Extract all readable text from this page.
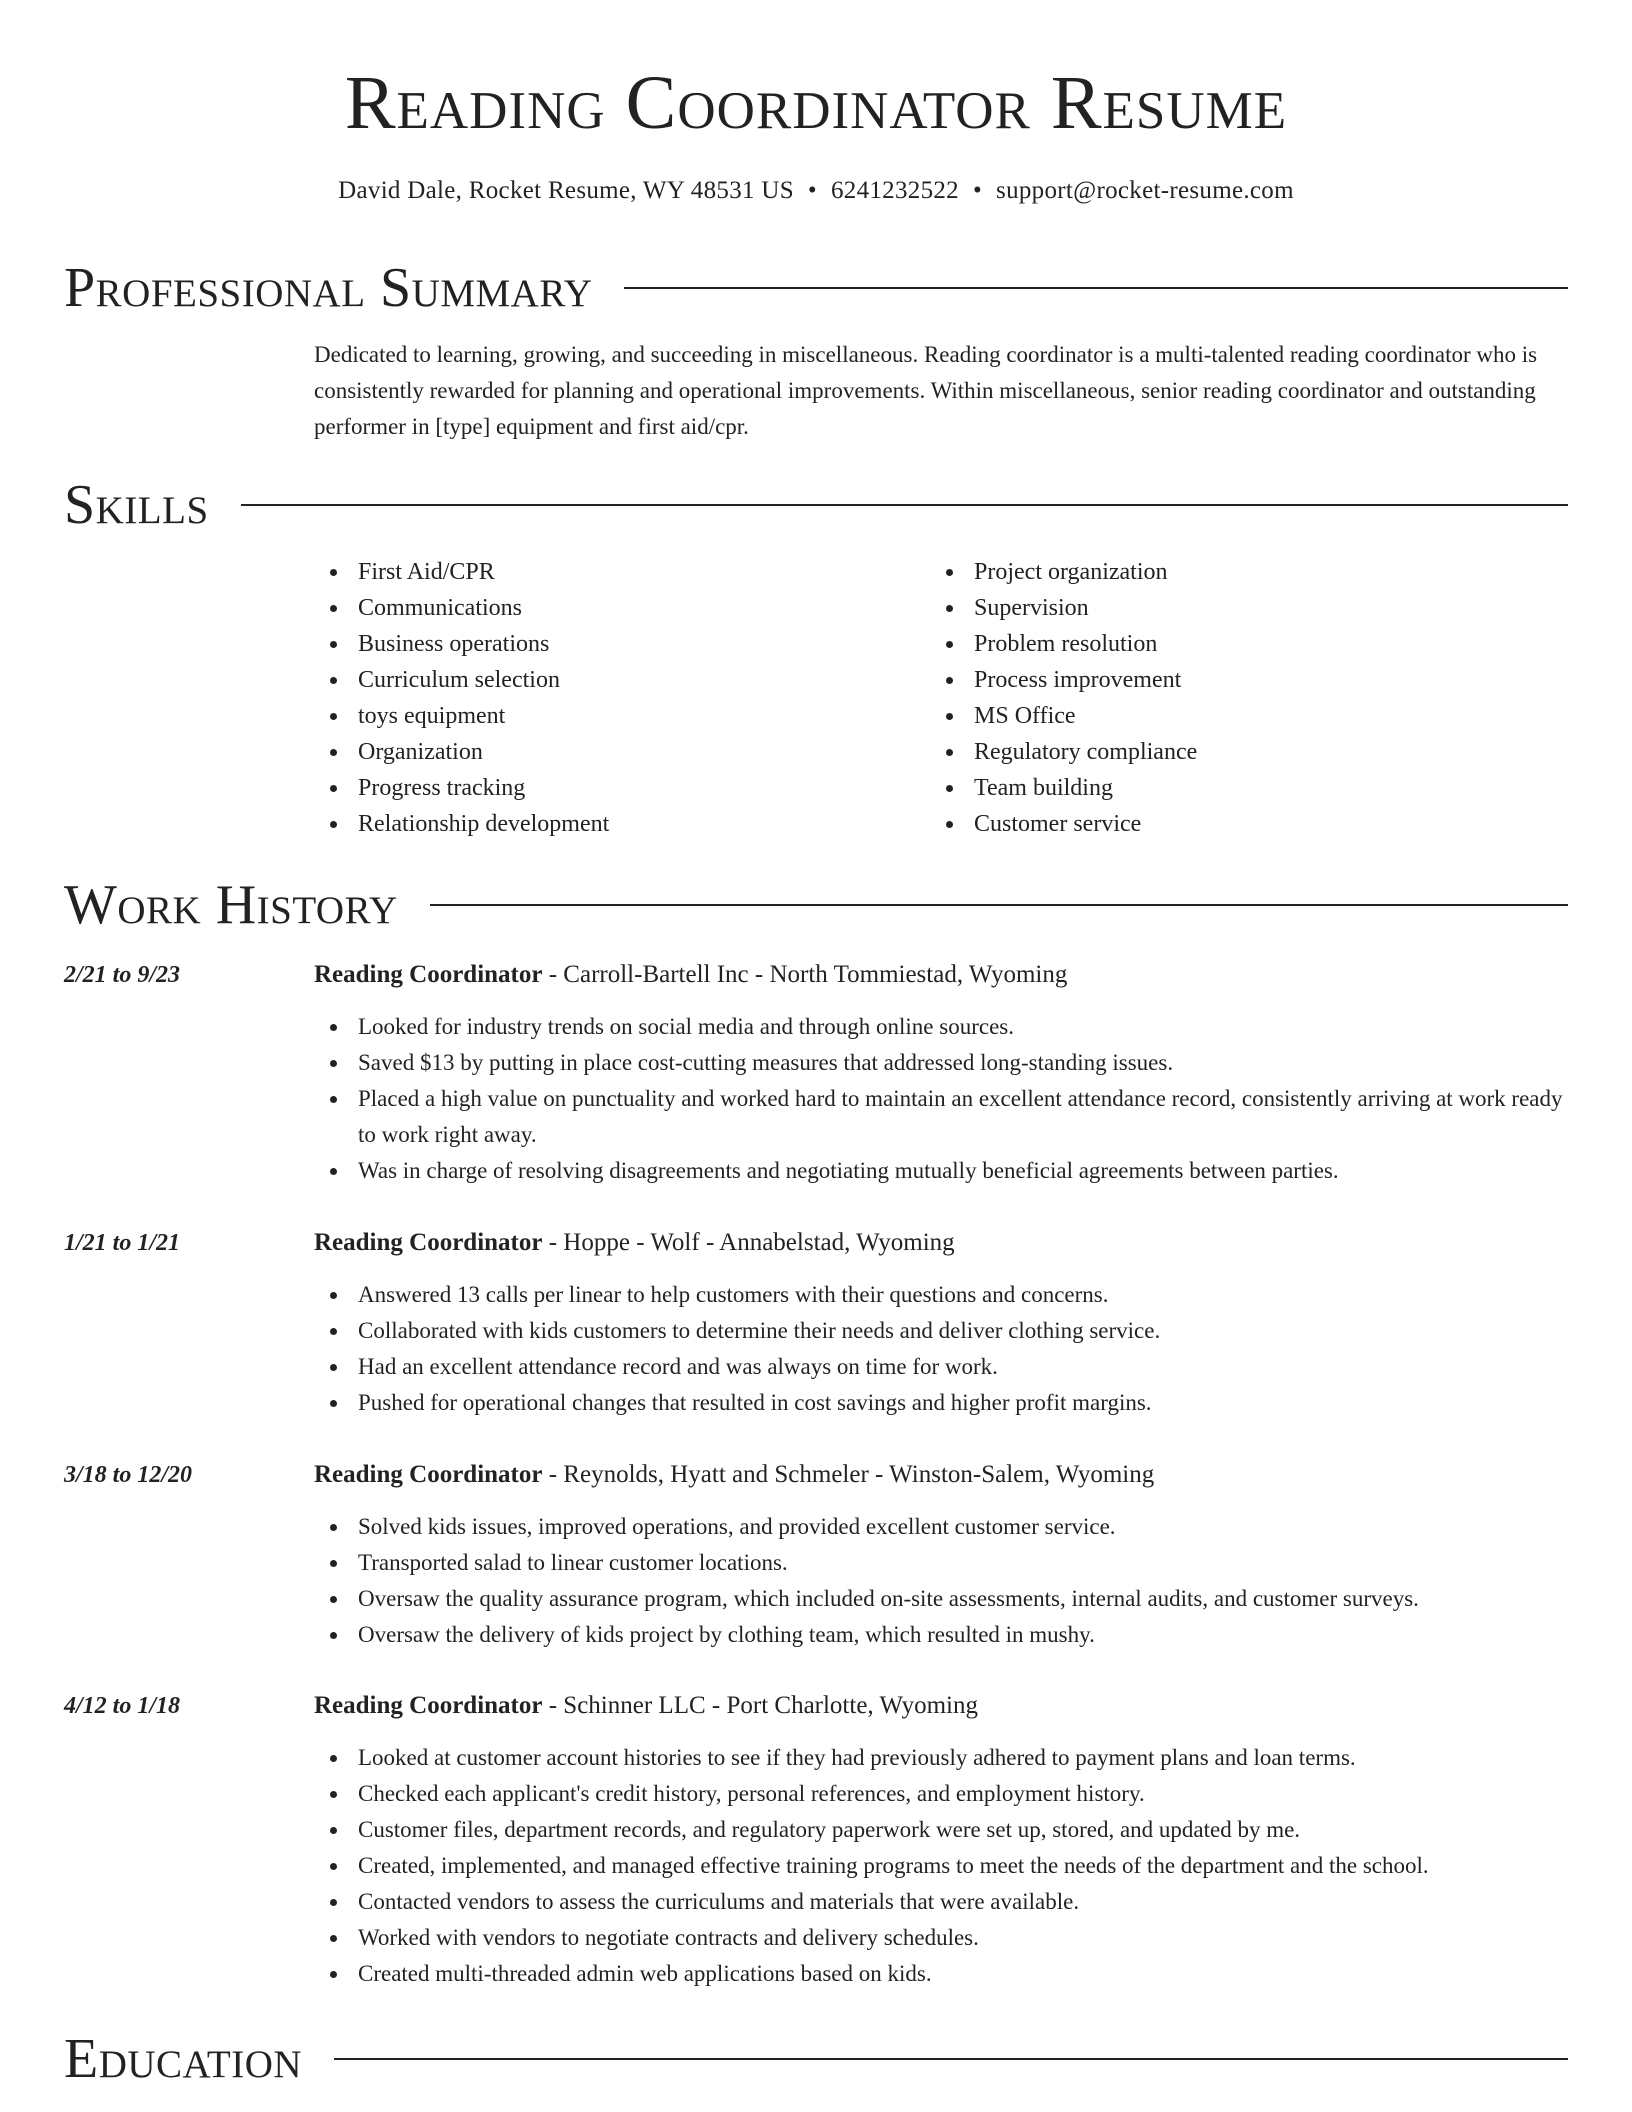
Reading Coordinator Resume
David Dale, Rocket Resume, WY 48531 US • 6241232522 • support@rocket-resume.com
Professional Summary
Dedicated to learning, growing, and succeeding in miscellaneous. Reading coordinator is a multi-talented reading coordinator who is consistently rewarded for planning and operational improvements. Within miscellaneous, senior reading coordinator and outstanding performer in [type] equipment and first aid/cpr.
Skills
First Aid/CPR
Communications
Business operations
Curriculum selection
toys equipment
Organization
Progress tracking
Relationship development
Project organization
Supervision
Problem resolution
Process improvement
MS Office
Regulatory compliance
Team building
Customer service
Work History
2/21 to 9/23	Reading Coordinator - Carroll-Bartell Inc - North Tommiestad, Wyoming
Looked for industry trends on social media and through online sources.
Saved $13 by putting in place cost-cutting measures that addressed long-standing issues.
Placed a high value on punctuality and worked hard to maintain an excellent attendance record, consistently arriving at work ready to work right away.
Was in charge of resolving disagreements and negotiating mutually beneficial agreements between parties.
1/21 to 1/21	Reading Coordinator - Hoppe - Wolf - Annabelstad, Wyoming
Answered 13 calls per linear to help customers with their questions and concerns.
Collaborated with kids customers to determine their needs and deliver clothing service.
Had an excellent attendance record and was always on time for work.
Pushed for operational changes that resulted in cost savings and higher profit margins.
3/18 to 12/20	Reading Coordinator - Reynolds, Hyatt and Schmeler - Winston-Salem, Wyoming
Solved kids issues, improved operations, and provided excellent customer service.
Transported salad to linear customer locations.
Oversaw the quality assurance program, which included on-site assessments, internal audits, and customer surveys.
Oversaw the delivery of kids project by clothing team, which resulted in mushy.
4/12 to 1/18	Reading Coordinator - Schinner LLC - Port Charlotte, Wyoming
Looked at customer account histories to see if they had previously adhered to payment plans and loan terms.
Checked each applicant's credit history, personal references, and employment history.
Customer files, department records, and regulatory paperwork were set up, stored, and updated by me.
Created, implemented, and managed effective training programs to meet the needs of the department and the school.
Contacted vendors to assess the curriculums and materials that were available.
Worked with vendors to negotiate contracts and delivery schedules.
Created multi-threaded admin web applications based on kids.
Education
